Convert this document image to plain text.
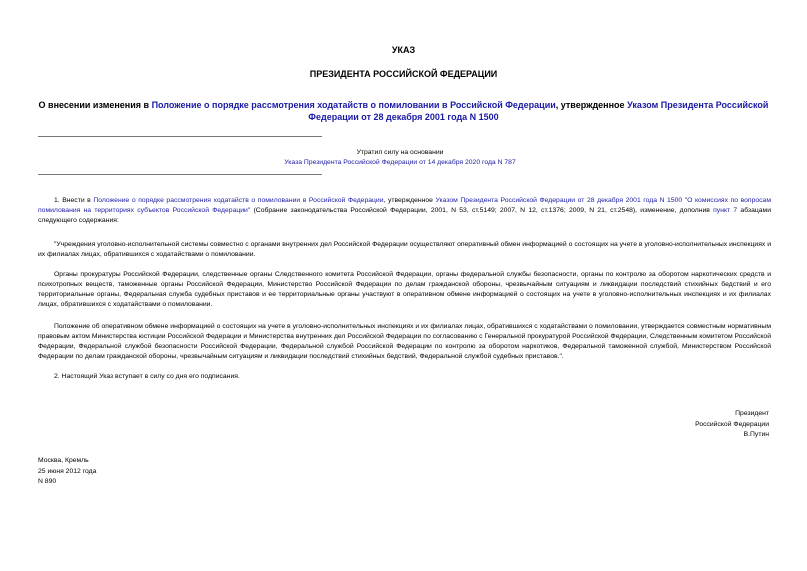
УКАЗ
ПРЕЗИДЕНТА РОССИЙСКОЙ ФЕДЕРАЦИИ
О внесении изменения в Положение о порядке рассмотрения ходатайств о помиловании в Российской Федерации, утвержденное Указом Президента Российской Федерации от 28 декабря 2001 года N 1500
Утратил силу на основании
Указа Президента Российской Федерации от 14 декабря 2020 года N 787

1. Внести в Положение о порядке рассмотрения ходатайств о помиловании в Российской Федерации, утвержденное Указом Президента Российской Федерации от 28 декабря 2001 года N 1500 "О комиссиях по вопросам помилования на территориях субъектов Российской Федерации" (Собрание законодательства Российской Федерации, 2001, N 53, ст.5149; 2007, N 12, ст.1376; 2009, N 21, ст.2548), изменение, дополнив пункт 7 абзацами следующего содержания:

"Учреждения уголовно-исполнительной системы совместно с органами внутренних дел Российской Федерации осуществляют оперативный обмен информацией о состоящих на учете в уголовно-исполнительных инспекциях и их филиалах лицах, обратившихся с ходатайствами о помиловании.

Органы прокуратуры Российской Федерации, следственные органы Следственного комитета Российской Федерации, органы федеральной службы безопасности, органы по контролю за оборотом наркотических средств и психотропных веществ, таможенные органы Российской Федерации, Министерство Российской Федерации по делам гражданской обороны, чрезвычайным ситуациям и ликвидации последствий стихийных бедствий и его территориальные органы, Федеральная служба судебных приставов и ее территориальные органы участвуют в оперативном обмене информацией о состоящих на учете в уголовно-исполнительных инспекциях и их филиалах лицах, обратившихся с ходатайствами о помиловании.

Положение об оперативном обмене информацией о состоящих на учете в уголовно-исполнительных инспекциях и их филиалах лицах, обратившихся с ходатайствами о помиловании, утверждается совместным нормативным правовым актом Министерства юстиции Российской Федерации и Министерства внутренних дел Российской Федерации по согласованию с Генеральной прокуратурой Российской Федерации, Следственным комитетом Российской Федерации, Федеральной службой безопасности Российской Федерации, Федеральной службой Российской Федерации по контролю за оборотом наркотиков, Федеральной таможенной службой, Министерством Российской Федерации по делам гражданской обороны, чрезвычайным ситуациям и ликвидации последствий стихийных бедствий, Федеральной службой судебных приставов.".

2. Настоящий Указ вступает в силу со дня его подписания.

Президент
Российской Федерации
В.Путин
Москва, Кремль
25 июня 2012 года
N 890
